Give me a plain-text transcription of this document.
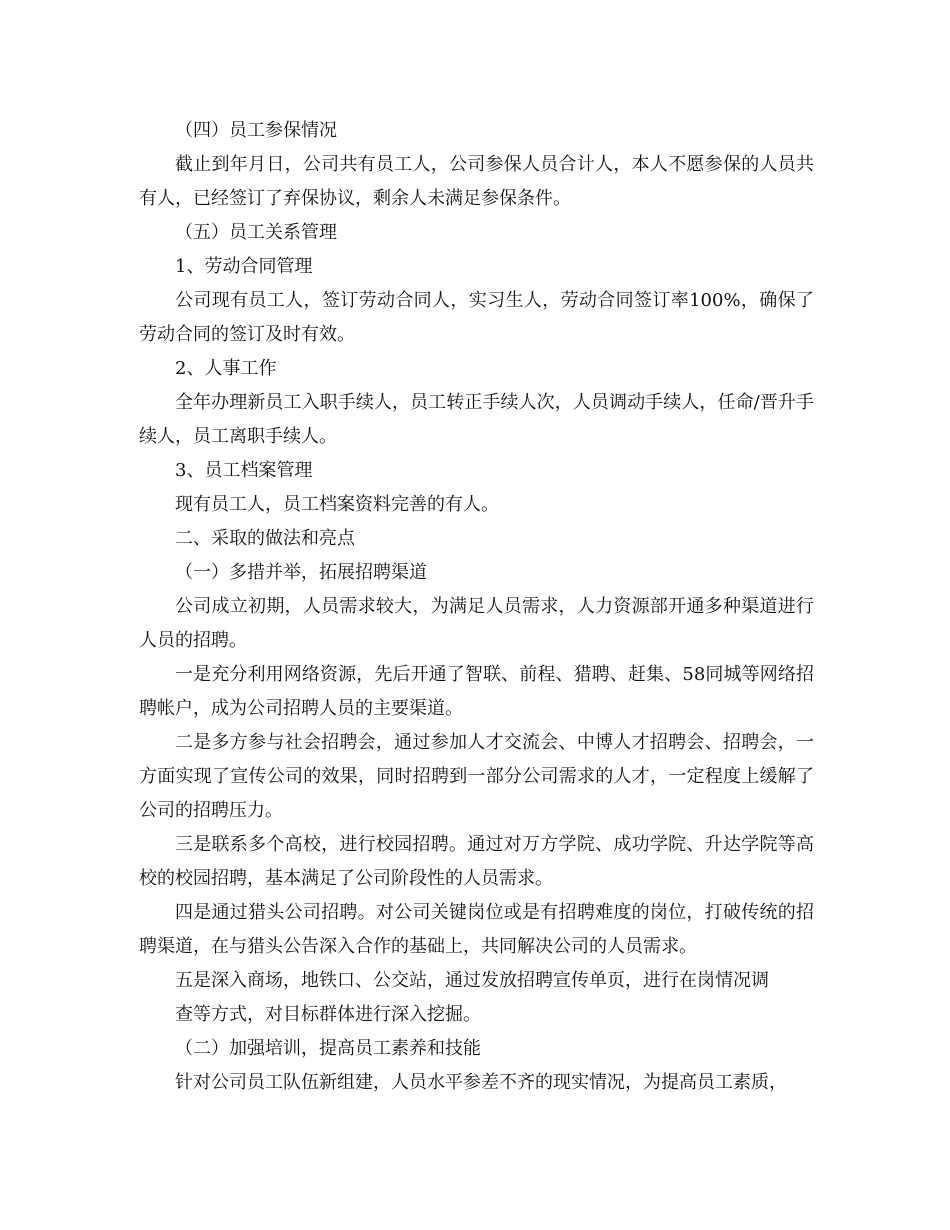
（四）员工参保情况

截止到年月日，公司共有员工人，公司参保人员合计人，本人不愿参保的人员共有人，已经签订了弃保协议，剩余人未满足参保条件。

（五）员工关系管理

1、劳动合同管理

公司现有员工人，签订劳动合同人，实习生人，劳动合同签订率100%，确保了劳动合同的签订及时有效。

2、人事工作

全年办理新员工入职手续人，员工转正手续人次，人员调动手续人，任命/晋升手续人，员工离职手续人。

3、员工档案管理

现有员工人，员工档案资料完善的有人。

二、采取的做法和亮点

（一）多措并举，拓展招聘渠道

公司成立初期，人员需求较大，为满足人员需求，人力资源部开通多种渠道进行人员的招聘。

一是充分利用网络资源，先后开通了智联、前程、猎聘、赶集、58同城等网络招聘帐户，成为公司招聘人员的主要渠道。

二是多方参与社会招聘会，通过参加人才交流会、中博人才招聘会、招聘会，一方面实现了宣传公司的效果，同时招聘到一部分公司需求的人才，一定程度上缓解了公司的招聘压力。

三是联系多个高校，进行校园招聘。通过对万方学院、成功学院、升达学院等高校的校园招聘，基本满足了公司阶段性的人员需求。

四是通过猎头公司招聘。对公司关键岗位或是有招聘难度的岗位，打破传统的招聘渠道，在与猎头公告深入合作的基础上，共同解决公司的人员需求。

五是深入商场，地铁口、公交站，通过发放招聘宣传单页，进行在岗情况调

查等方式，对目标群体进行深入挖掘。

（二）加强培训，提高员工素养和技能

针对公司员工队伍新组建，人员水平参差不齐的现实情况，为提高员工素质，
